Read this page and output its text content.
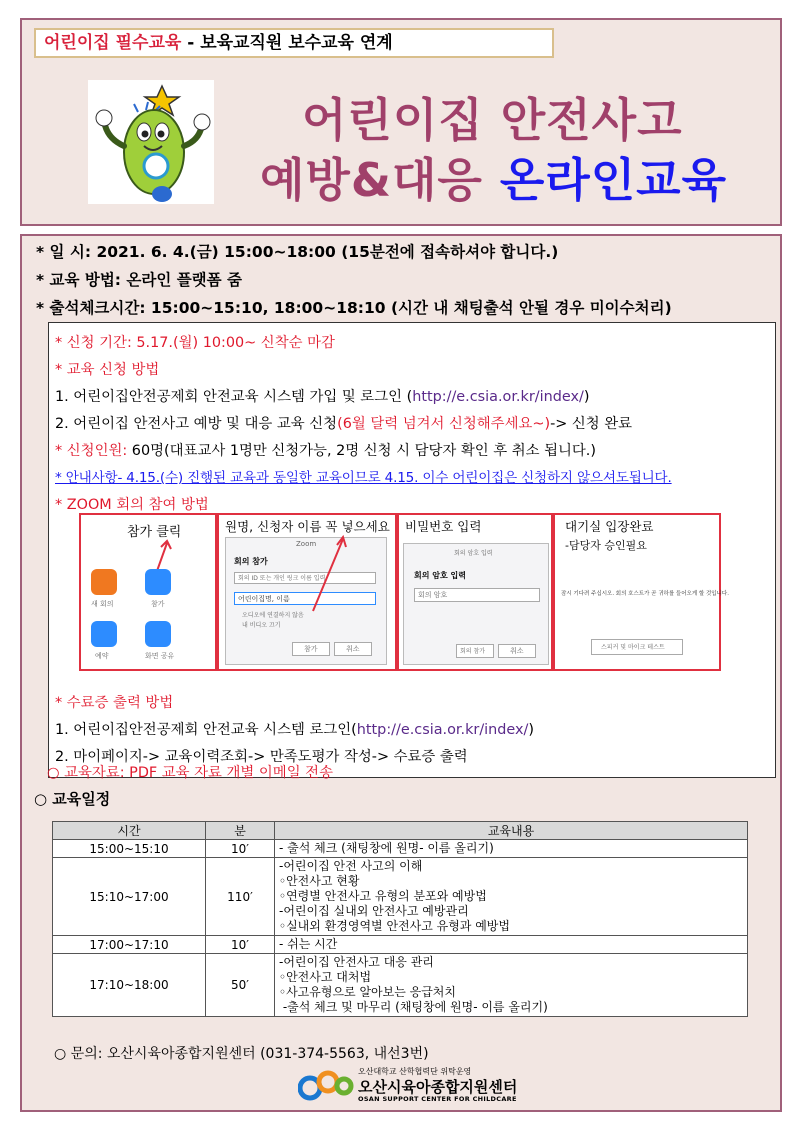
어린이집 필수교육 - 보육교직원 보수교육 연계
어린이집 안전사고
예방&대응 온라인교육
* 일 시: 2021. 6. 4.(금) 15:00~18:00 (15분전에 접속하셔야 합니다.)
* 교육 방법: 온라인 플랫폼 줌
* 출석체크시간: 15:00~15:10, 18:00~18:10 (시간 내 채팅출석 안될 경우 미이수처리)
* 신청 기간: 5.17.(월) 10:00~ 신착순 마감
* 교육 신청 방법
1. 어린이집안전공제회 안전교육 시스템 가입 및 로그인 (http://e.csia.or.kr/index/)
2. 어린이집 안전사고 예방 및 대응 교육 신청(6월 달력 넘겨서 신청해주세요~)-> 신청 완료
* 신청인원: 60명(대표교사 1명만 신청가능, 2명 신청 시 담당자 확인 후 취소 됩니다.)
* 안내사항- 4.15.(수) 진행된 교육과 동일한 교육이므로 4.15. 이수 어린이집은 신청하지 않으셔도됩니다.
* ZOOM 회의 참여 방법
* 수료증 출력 방법
1. 어린이집안전공제회 안전교육 시스템 로그인(http://e.csia.or.kr/index/)
2. 마이페이지-> 교육이력조회-> 만족도평가 작성-> 수료증 출력
○ 교육자료: PDF 교육 자료 개별 이메일 전송
참가 클릭
새 회의	참가
예약	화면 공유
원명, 신청자 이름 꼭 넣으세요
Zoom
회의 참가
회의 ID 또는 개인 링크 이름 입력
어린이집명, 이름
오디오에 연결하지 않음
내 비디오 끄기
참가	취소
비밀번호 입력
회의 암호 입력
회의 암호 입력
회의 암호
회의 참가	취소
대기실 입장완료
-담당자 승인필요
잠시 기다려 주십시오. 회의 호스트가 곧 귀하를 들어오게 할 것입니다.
스피커 및 마이크 테스트
○ 교육일정
시간	분	교육내용
15:00~15:10	10′	- 출석 체크 (채팅창에 원명- 이름 올리기)

15:10~17:00	110′	-어린이집 안전 사고의 이해
◦안전사고 현황
◦연령별 안전사고 유형의 분포와 예방법
-어린이집 실내외 안전사고 예방관리
◦실내외 환경영역별 안전사고 유형과 예방법

17:00~17:10	10′	- 쉬는 시간

17:10~18:00	50′	-어린이집 안전사고 대응 관리
◦안전사고 대처법
◦사고유형으로 알아보는 응급처치
-출석 체크 및 마무리 (채팅창에 원명- 이름 올리기)
○ 문의: 오산시육아종합지원센터 (031-374-5563, 내선3번)
오산대학교 산학협력단 위탁운영
오산시육아종합지원센터
OSAN SUPPORT CENTER FOR CHILDCARE
